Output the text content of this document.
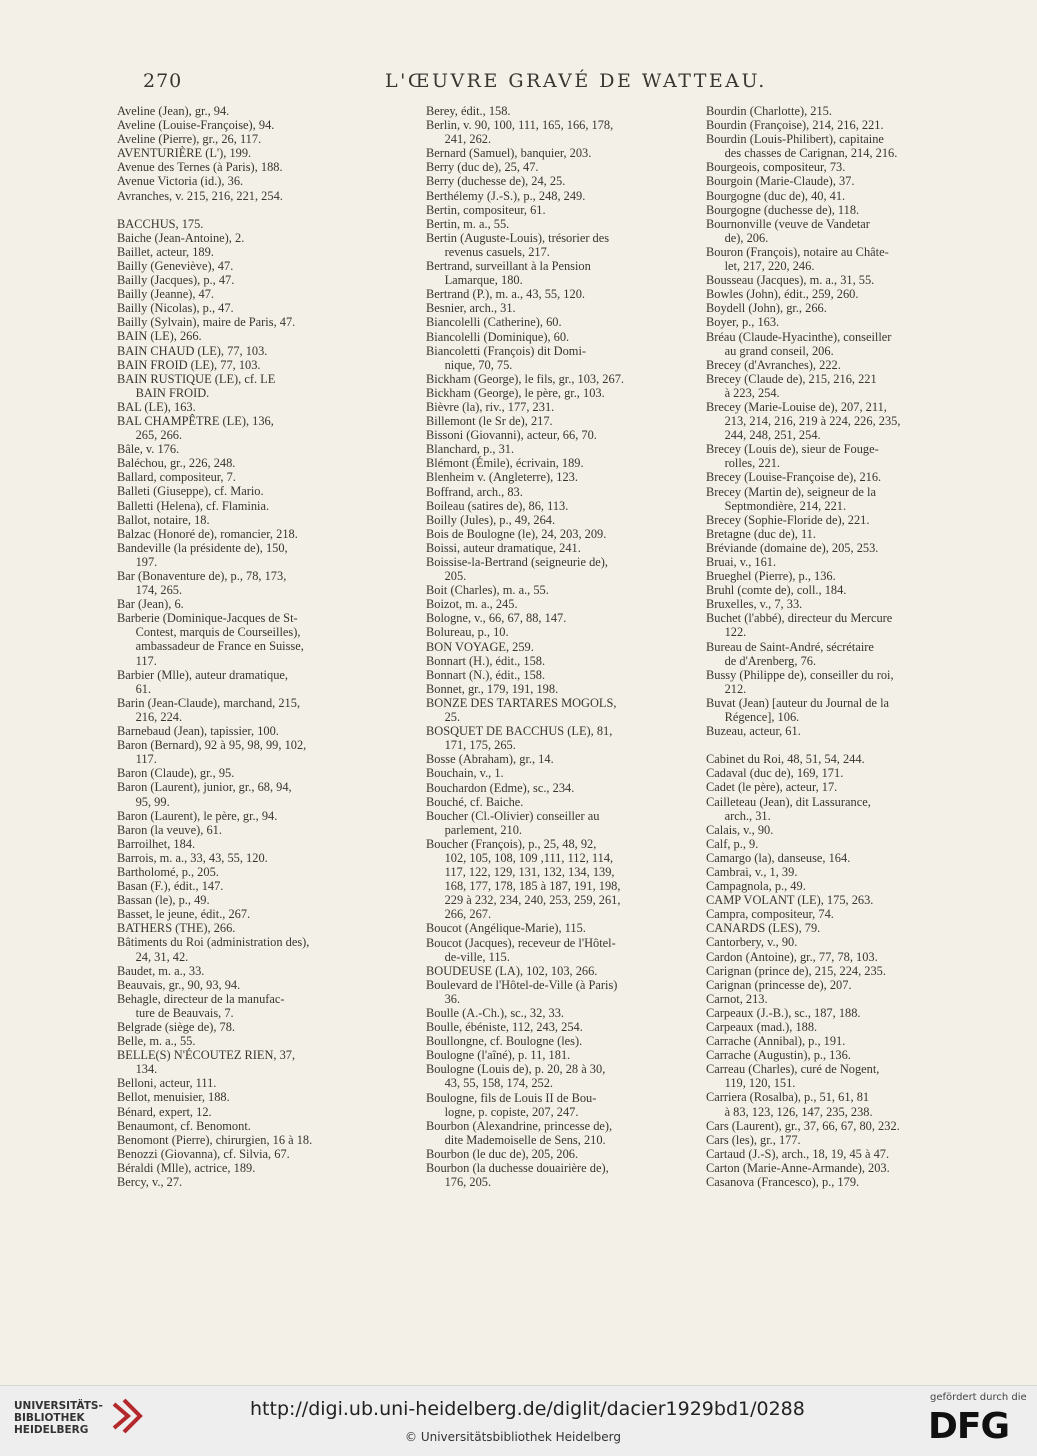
270	L'ŒUVRE GRAVÉ DE WATTEAU.
Aveline (Jean), gr., 94.
Aveline (Louise-Françoise), 94.
Aveline (Pierre), gr., 26, 117.
AVENTURIÈRE (L'), 199.
Avenue des Ternes (à Paris), 188.
Avenue Victoria (id.), 36.
Avranches, v. 215, 216, 221, 254.
BACCHUS, 175.
Baiche (Jean-Antoine), 2.
Baillet, acteur, 189.
Bailly (Geneviève), 47.
Bailly (Jacques), p., 47.
Bailly (Jeanne), 47.
Bailly (Nicolas), p., 47.
Bailly (Sylvain), maire de Paris, 47.
BAIN (LE), 266.
BAIN CHAUD (LE), 77, 103.
BAIN FROID (LE), 77, 103.
BAIN RUSTIQUE (LE), cf. LE
  BAIN FROID.
BAL (LE), 163.
BAL CHAMPÊTRE (LE), 136,
  265, 266.
Bâle, v. 176.
Baléchou, gr., 226, 248.
Ballard, compositeur, 7.
Balleti (Giuseppe), cf. Mario.
Balletti (Helena), cf. Flaminia.
Ballot, notaire, 18.
Balzac (Honoré de), romancier, 218.
Bandeville (la présidente de), 150,
  197.
Bar (Bonaventure de), p., 78, 173,
  174, 265.
Bar (Jean), 6.
Barberie (Dominique-Jacques de St-
  Contest, marquis de Courseilles),
  ambassadeur de France en Suisse,
  117.
Barbier (Mlle), auteur dramatique,
  61.
Barin (Jean-Claude), marchand, 215,
  216, 224.
Barnebaud (Jean), tapissier, 100.
Baron (Bernard), 92 à 95, 98, 99, 102,
  117.
Baron (Claude), gr., 95.
Baron (Laurent), junior, gr., 68, 94,
  95, 99.
Baron (Laurent), le père, gr., 94.
Baron (la veuve), 61.
Barroilhet, 184.
Barrois, m. a., 33, 43, 55, 120.
Bartholomé, p., 205.
Basan (F.), édit., 147.
Bassan (le), p., 49.
Basset, le jeune, édit., 267.
BATHERS (THE), 266.
Bâtiments du Roi (administration des),
  24, 31, 42.
Baudet, m. a., 33.
Beauvais, gr., 90, 93, 94.
Behagle, directeur de la manufac-
  ture de Beauvais, 7.
Belgrade (siège de), 78.
Belle, m. a., 55.
BELLE(S) N'ÉCOUTEZ RIEN, 37,
  134.
Belloni, acteur, 111.
Bellot, menuisier, 188.
Bénard, expert, 12.
Benaumont, cf. Benomont.
Benomont (Pierre), chirurgien, 16 à 18.
Benozzi (Giovanna), cf. Silvia, 67.
Béraldi (Mlle), actrice, 189.
Bercy, v., 27.
Berey, édit., 158.
Berlin, v. 90, 100, 111, 165, 166, 178,
  241, 262.
Bernard (Samuel), banquier, 203.
Berry (duc de), 25, 47.
Berry (duchesse de), 24, 25.
Berthélemy (J.-S.), p., 248, 249.
Bertin, compositeur, 61.
Bertin, m. a., 55.
Bertin (Auguste-Louis), trésorier des
  revenus casuels, 217.
Bertrand, surveillant à la Pension
  Lamarque, 180.
Bertrand (P.), m. a., 43, 55, 120.
Besnier, arch., 31.
Biancolelli (Catherine), 60.
Biancolelli (Dominique), 60.
Biancoletti (François) dit Domi-
  nique, 70, 75.
Bickham (George), le fils, gr., 103, 267.
Bickham (George), le père, gr., 103.
Bièvre (la), riv., 177, 231.
Billemont (le Sr de), 217.
Bissoni (Giovanni), acteur, 66, 70.
Blanchard, p., 31.
Blémont (Émile), écrivain, 189.
Blenheim v. (Angleterre), 123.
Boffrand, arch., 83.
Boileau (satires de), 86, 113.
Boilly (Jules), p., 49, 264.
Bois de Boulogne (le), 24, 203, 209.
Boissi, auteur dramatique, 241.
Boissise-la-Bertrand (seigneurie de),
  205.
Boit (Charles), m. a., 55.
Boizot, m. a., 245.
Bologne, v., 66, 67, 88, 147.
Bolureau, p., 10.
BON VOYAGE, 259.
Bonnart (H.), édit., 158.
Bonnart (N.), édit., 158.
Bonnet, gr., 179, 191, 198.
BONZE DES TARTARES MOGOLS,
  25.
BOSQUET DE BACCHUS (LE), 81,
  171, 175, 265.
Bosse (Abraham), gr., 14.
Bouchain, v., 1.
Bouchardon (Edme), sc., 234.
Bouché, cf. Baiche.
Boucher (Cl.-Olivier) conseiller au
  parlement, 210.
Boucher (François), p., 25, 48, 92,
  102, 105, 108, 109 ,111, 112, 114,
  117, 122, 129, 131, 132, 134, 139,
  168, 177, 178, 185 à 187, 191, 198,
  229 à 232, 234, 240, 253, 259, 261,
  266, 267.
Boucot (Angélique-Marie), 115.
Boucot (Jacques), receveur de l'Hôtel-
  de-ville, 115.
BOUDEUSE (LA), 102, 103, 266.
Boulevard de l'Hôtel-de-Ville (à Paris)
  36.
Boulle (A.-Ch.), sc., 32, 33.
Boulle, ébéniste, 112, 243, 254.
Boullongne, cf. Boulogne (les).
Boulogne (l'aîné), p. 11, 181.
Boulogne (Louis de), p. 20, 28 à 30,
  43, 55, 158, 174, 252.
Boulogne, fils de Louis II de Bou-
  logne, p. copiste, 207, 247.
Bourbon (Alexandrine, princesse de),
  dite Mademoiselle de Sens, 210.
Bourbon (le duc de), 205, 206.
Bourbon (la duchesse douairière de),
  176, 205.
Bourdin (Charlotte), 215.
Bourdin (Françoise), 214, 216, 221.
Bourdin (Louis-Philibert), capitaine
  des chasses de Carignan, 214, 216.
Bourgeois, compositeur, 73.
Bourgoin (Marie-Claude), 37.
Bourgogne (duc de), 40, 41.
Bourgogne (duchesse de), 118.
Bournonville (veuve de Vandetar
  de), 206.
Bouron (François), notaire au Châte-
  let, 217, 220, 246.
Bousseau (Jacques), m. a., 31, 55.
Bowles (John), édit., 259, 260.
Boydell (John), gr., 266.
Boyer, p., 163.
Bréau (Claude-Hyacinthe), conseiller
  au grand conseil, 206.
Brecey (d'Avranches), 222.
Brecey (Claude de), 215, 216, 221
  à 223, 254.
Brecey (Marie-Louise de), 207, 211,
  213, 214, 216, 219 à 224, 226, 235,
  244, 248, 251, 254.
Brecey (Louis de), sieur de Fouge-
  rolles, 221.
Brecey (Louise-Françoise de), 216.
Brecey (Martin de), seigneur de la
  Septmondière, 214, 221.
Brecey (Sophie-Floride de), 221.
Bretagne (duc de), 11.
Bréviande (domaine de), 205, 253.
Bruai, v., 161.
Brueghel (Pierre), p., 136.
Bruhl (comte de), coll., 184.
Bruxelles, v., 7, 33.
Buchet (l'abbé), directeur du Mercure
  122.
Bureau de Saint-André, sécrétaire
  de d'Arenberg, 76.
Bussy (Philippe de), conseiller du roi,
  212.
Buvat (Jean) [auteur du Journal de la
  Régence], 106.
Buzeau, acteur, 61.
Cabinet du Roi, 48, 51, 54, 244.
Cadaval (duc de), 169, 171.
Cadet (le père), acteur, 17.
Cailleteau (Jean), dit Lassurance,
  arch., 31.
Calais, v., 90.
Calf, p., 9.
Camargo (la), danseuse, 164.
Cambrai, v., 1, 39.
Campagnola, p., 49.
CAMP VOLANT (LE), 175, 263.
Campra, compositeur, 74.
CANARDS (LES), 79.
Cantorbery, v., 90.
Cardon (Antoine), gr., 77, 78, 103.
Carignan (prince de), 215, 224, 235.
Carignan (princesse de), 207.
Carnot, 213.
Carpeaux (J.-B.), sc., 187, 188.
Carpeaux (mad.), 188.
Carrache (Annibal), p., 191.
Carrache (Augustin), p., 136.
Carreau (Charles), curé de Nogent,
  119, 120, 151.
Carriera (Rosalba), p., 51, 61, 81
  à 83, 123, 126, 147, 235, 238.
Cars (Laurent), gr., 37, 66, 67, 80, 232.
Cars (les), gr., 177.
Cartaud (J.-S), arch., 18, 19, 45 à 47.
Carton (Marie-Anne-Armande), 203.
Casanova (Francesco), p., 179.
UNIVERSITÄTS-
BIBLIOTHEK
HEIDELBERG
http://digi.ub.uni-heidelberg.de/diglit/dacier1929bd1/0288
© Universitätsbibliothek Heidelberg
gefördert durch die
DFG
